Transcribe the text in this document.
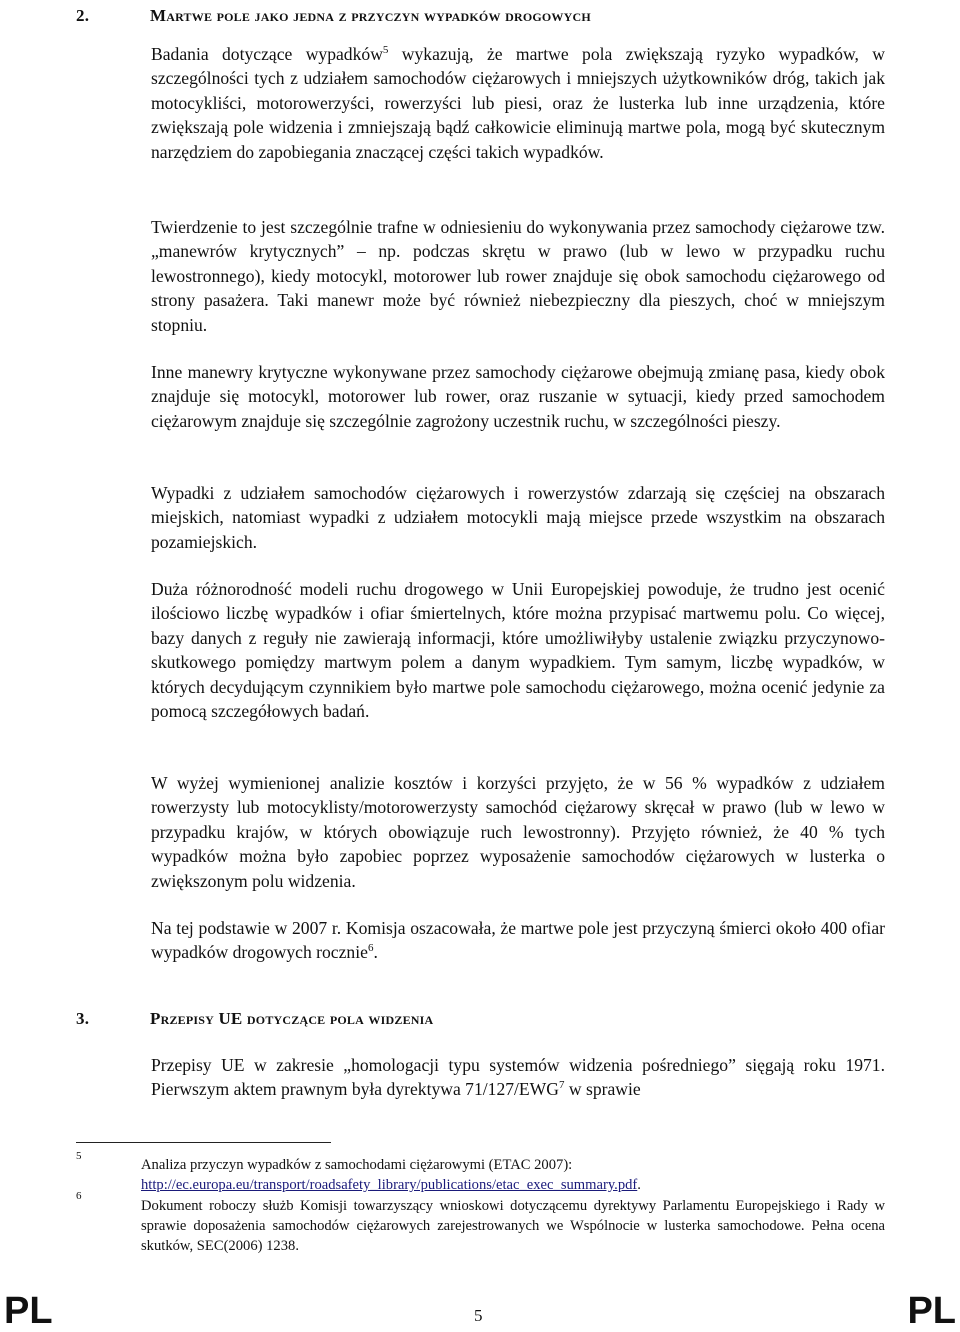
2.	Martwe pole jako jedna z przyczyn wypadków drogowych

Badania dotyczące wypadków$^5$ wykazują, że martwe pola zwiększają ryzyko wypadków, w szczególności tych z udziałem samochodów ciężarowych i mniejszych użytkowników dróg, takich jak motocykliści, motorowerzyści, rowerzyści lub piesi, oraz że lusterka lub inne urządzenia, które zwiększają pole widzenia i zmniejszają bądź całkowicie eliminują martwe pola, mogą być skutecznym narzędziem do zapobiegania znaczącej części takich wypadków.

Twierdzenie to jest szczególnie trafne w odniesieniu do wykonywania przez samochody ciężarowe tzw. „manewrów krytycznych” – np. podczas skrętu w prawo (lub w lewo w przypadku ruchu lewostronnego), kiedy motocykl, motorower lub rower znajduje się obok samochodu ciężarowego od strony pasażera. Taki manewr może być również niebezpieczny dla pieszych, choć w mniejszym stopniu.

Inne manewry krytyczne wykonywane przez samochody ciężarowe obejmują zmianę pasa, kiedy obok znajduje się motocykl, motorower lub rower, oraz ruszanie w sytuacji, kiedy przed samochodem ciężarowym znajduje się szczególnie zagrożony uczestnik ruchu, w szczególności pieszy.

Wypadki z udziałem samochodów ciężarowych i rowerzystów zdarzają się częściej na obszarach miejskich, natomiast wypadki z udziałem motocykli mają miejsce przede wszystkim na obszarach pozamiejskich.

Duża różnorodność modeli ruchu drogowego w Unii Europejskiej powoduje, że trudno jest ocenić ilościowo liczbę wypadków i ofiar śmiertelnych, które można przypisać martwemu polu. Co więcej, bazy danych z reguły nie zawierają informacji, które umożliwiłyby ustalenie związku przyczynowo-skutkowego pomiędzy martwym polem a danym wypadkiem. Tym samym, liczbę wypadków, w których decydującym czynnikiem było martwe pole samochodu ciężarowego, można ocenić jedynie za pomocą szczegółowych badań.

W wyżej wymienionej analizie kosztów i korzyści przyjęto, że w 56 % wypadków z udziałem rowerzysty lub motocyklisty/motorowerzysty samochód ciężarowy skręcał w prawo (lub w lewo w przypadku krajów, w których obowiązuje ruch lewostronny). Przyjęto również, że 40 % tych wypadków można było zapobiec poprzez wyposażenie samochodów ciężarowych w lusterka o zwiększonym polu widzenia.

Na tej podstawie w 2007 r. Komisja oszacowała, że martwe pole jest przyczyną śmierci około 400 ofiar wypadków drogowych rocznie$^6$.

3.	Przepisy UE dotyczące pola widzenia

Przepisy UE w zakresie „homologacji typu systemów widzenia pośredniego” sięgają roku 1971. Pierwszym aktem prawnym była dyrektywa 71/127/EWG$^7$ w sprawie

5

Analiza przyczyn wypadków z samochodami ciężarowymi (ETAC 2007):
http://ec.europa.eu/transport/roadsafety_library/publications/etac_exec_summary.pdf.

6

Dokument roboczy służb Komisji towarzyszący wnioskowi dotyczącemu dyrektywy Parlamentu Europejskiego i Rady w sprawie doposażenia samochodów ciężarowych zarejestrowanych we Wspólnocie w lusterka samochodowe. Pełna ocena skutków, SEC(2006) 1238.

PL	5	PL
